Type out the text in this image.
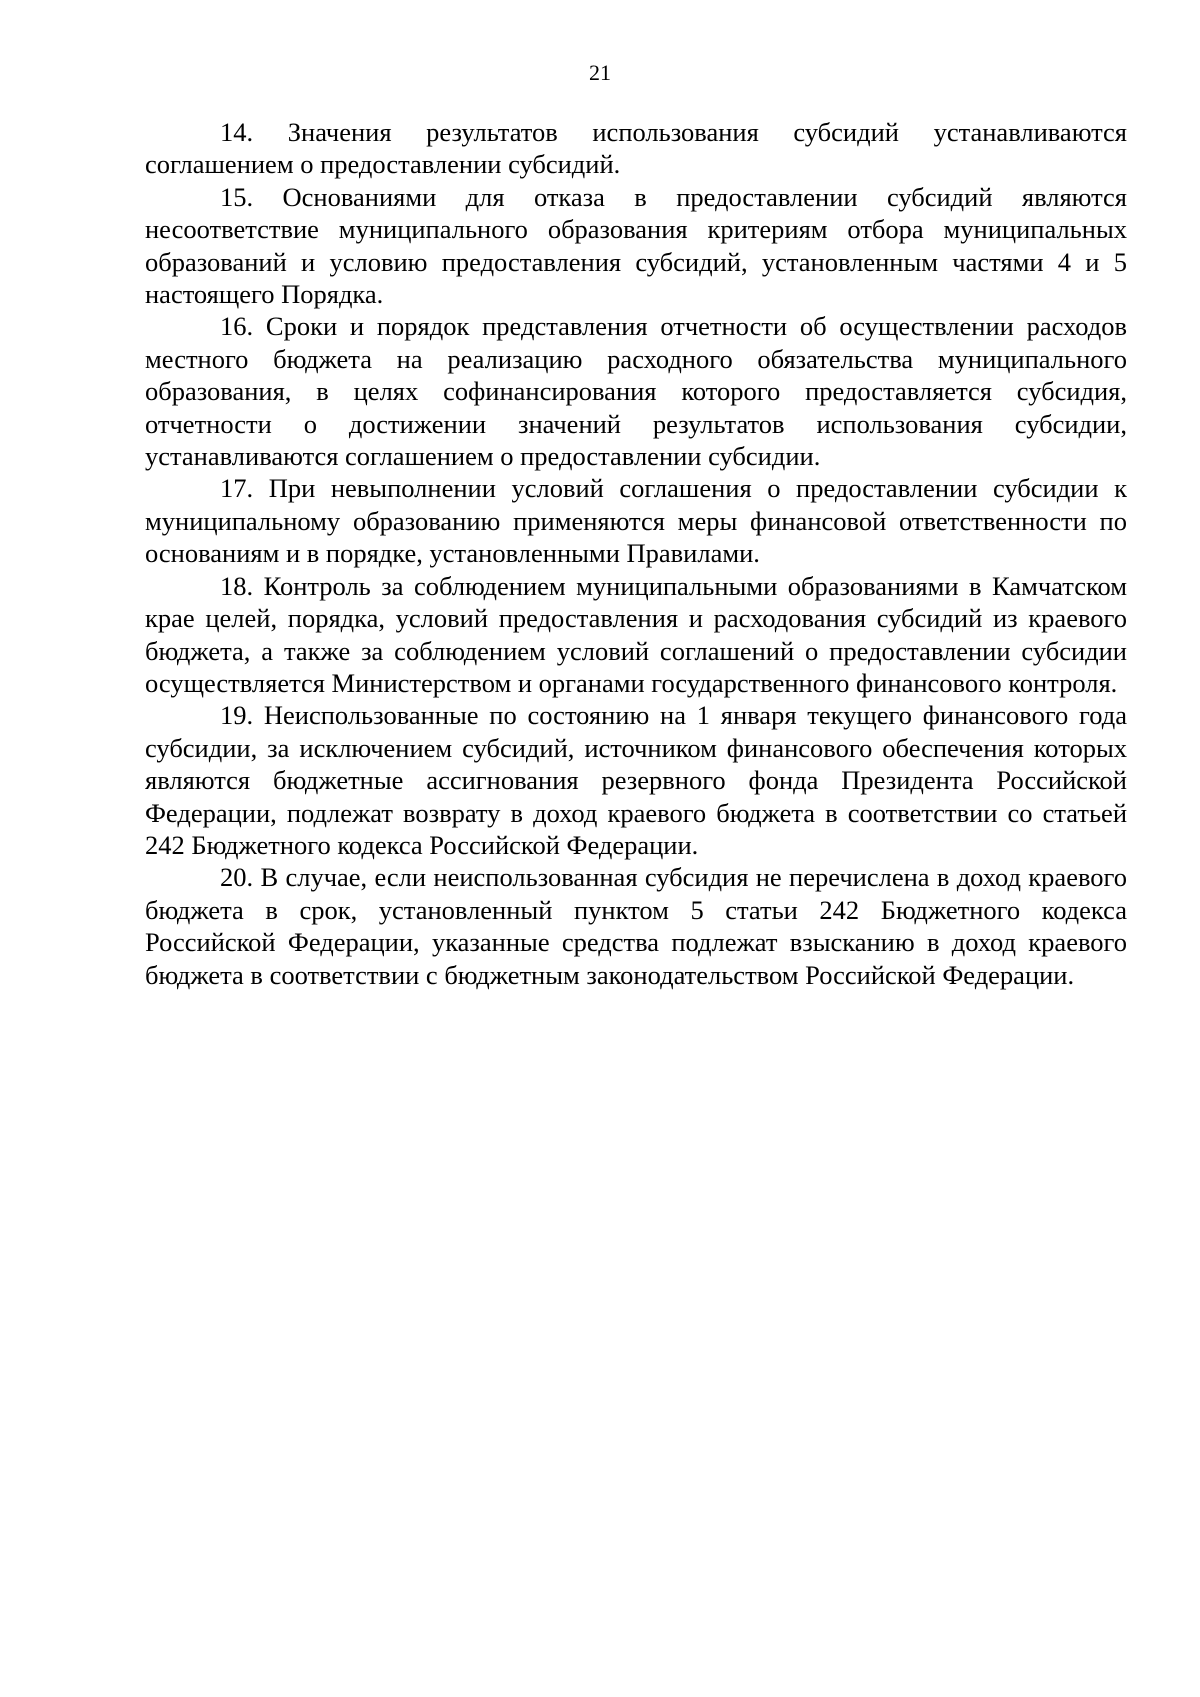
21

14. Значения результатов использования субсидий устанавливаются соглашением о предоставлении субсидий.

15. Основаниями для отказа в предоставлении субсидий являются несоответствие муниципального образования критериям отбора муниципальных образований и условию предоставления субсидий, установленным частями 4 и 5 настоящего Порядка.

16. Сроки и порядок представления отчетности об осуществлении расходов местного бюджета на реализацию расходного обязательства муниципального образования, в целях софинансирования которого предоставляется субсидия, отчетности о достижении значений результатов использования субсидии, устанавливаются соглашением о предоставлении субсидии.

17. При невыполнении условий соглашения о предоставлении субсидии к муниципальному образованию применяются меры финансовой ответственности по основаниям и в порядке, установленными Правилами.

18. Контроль за соблюдением муниципальными образованиями в Камчатском крае целей, порядка, условий предоставления и расходования субсидий из краевого бюджета, а также за соблюдением условий соглашений о предоставлении субсидии осуществляется Министерством и органами государственного финансового контроля.

19. Неиспользованные по состоянию на 1 января текущего финансового года субсидии, за исключением субсидий, источником финансового обеспечения которых являются бюджетные ассигнования резервного фонда Президента Российской Федерации, подлежат возврату в доход краевого бюджета в соответствии со статьей 242 Бюджетного кодекса Российской Федерации.

20. В случае, если неиспользованная субсидия не перечислена в доход краевого бюджета в срок, установленный пунктом 5 статьи 242 Бюджетного кодекса Российской Федерации, указанные средства подлежат взысканию в доход краевого бюджета в соответствии с бюджетным законодательством Российской Федерации.
